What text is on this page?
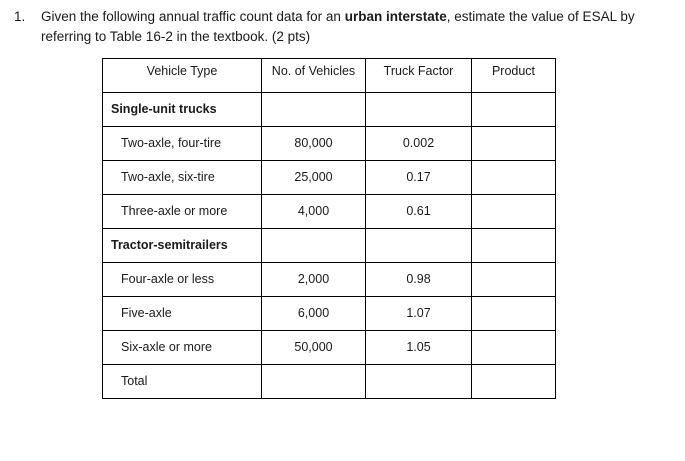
1. Given the following annual traffic count data for an urban interstate, estimate the value of ESAL by referring to Table 16-2 in the textbook. (2 pts)
Vehicle Type	No. of Vehicles	Truck Factor	Product
Single-unit trucks			
Two-axle, four-tire	80,000	0.002	
Two-axle, six-tire	25,000	0.17	
Three-axle or more	4,000	0.61	
Tractor-semitrailers			
Four-axle or less	2,000	0.98	
Five-axle	6,000	1.07	
Six-axle or more	50,000	1.05	
Total			
